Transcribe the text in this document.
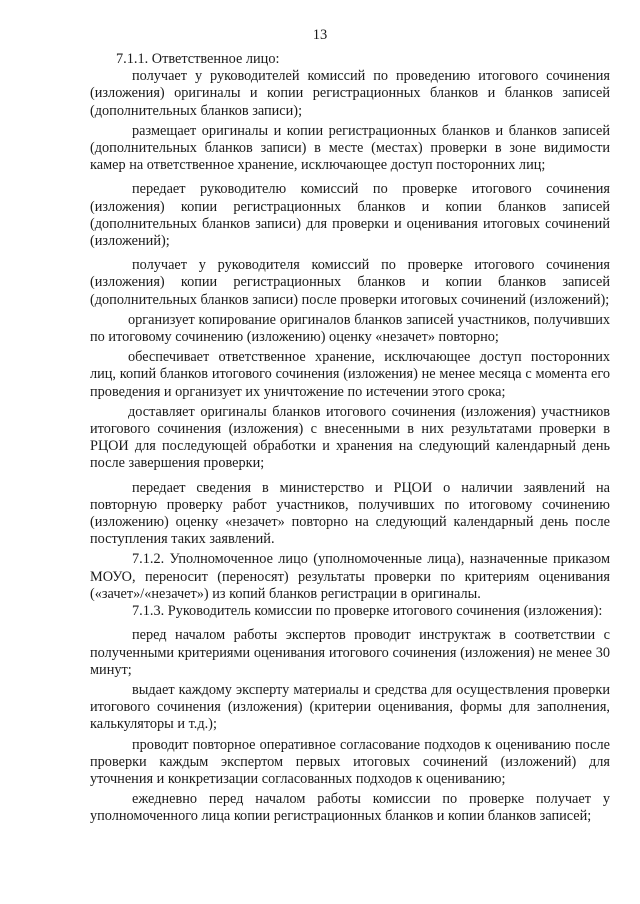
13

7.1.1. Ответственное лицо:

получает у руководителей комиссий по проведению итогового сочинения (изложения) оригиналы и копии регистрационных бланков и бланков записей (дополнительных бланков записи);

размещает оригиналы и копии регистрационных бланков и бланков записей (дополнительных бланков записи) в месте (местах) проверки в зоне видимости камер на ответственное хранение, исключающее доступ посторонних лиц;

передает руководителю комиссий по проверке итогового сочинения (изложения) копии регистрационных бланков и копии бланков записей (дополнительных бланков записи) для проверки и оценивания итоговых сочинений (изложений);

получает у руководителя комиссий по проверке итогового сочинения (изложения) копии регистрационных бланков и копии бланков записей (дополнительных бланков записи) после проверки итоговых сочинений (изложений);

организует копирование оригиналов бланков записей участников, получивших по итоговому сочинению (изложению) оценку «незачет» повторно;

обеспечивает ответственное хранение, исключающее доступ посторонних лиц, копий бланков итогового сочинения (изложения) не менее месяца с момента его проведения и организует их уничтожение по истечении этого срока;

доставляет оригиналы бланков итогового сочинения (изложения) участников итогового сочинения (изложения) с внесенными в них результатами проверки в РЦОИ для последующей обработки и хранения на следующий календарный день после завершения проверки;

передает сведения в министерство и РЦОИ о наличии заявлений на повторную проверку работ участников, получивших по итоговому сочинению (изложению) оценку «незачет» повторно на следующий календарный день после поступления таких заявлений.

7.1.2. Уполномоченное лицо (уполномоченные лица), назначенные приказом МОУО, переносит (переносят) результаты проверки по критериям оценивания («зачет»/«незачет») из копий бланков регистрации в оригиналы.

7.1.3. Руководитель комиссии по проверке итогового сочинения (изложения):

перед началом работы экспертов проводит инструктаж в соответствии с полученными критериями оценивания итогового сочинения (изложения) не менее 30 минут;

выдает каждому эксперту материалы и средства для осуществления проверки итогового сочинения (изложения) (критерии оценивания, формы для заполнения, калькуляторы и т.д.);

проводит повторное оперативное согласование подходов к оцениванию после проверки каждым экспертом первых итоговых сочинений (изложений) для уточнения и конкретизации согласованных подходов к оцениванию;

ежедневно перед началом работы комиссии по проверке получает у уполномоченного лица копии регистрационных бланков и копии бланков записей;
